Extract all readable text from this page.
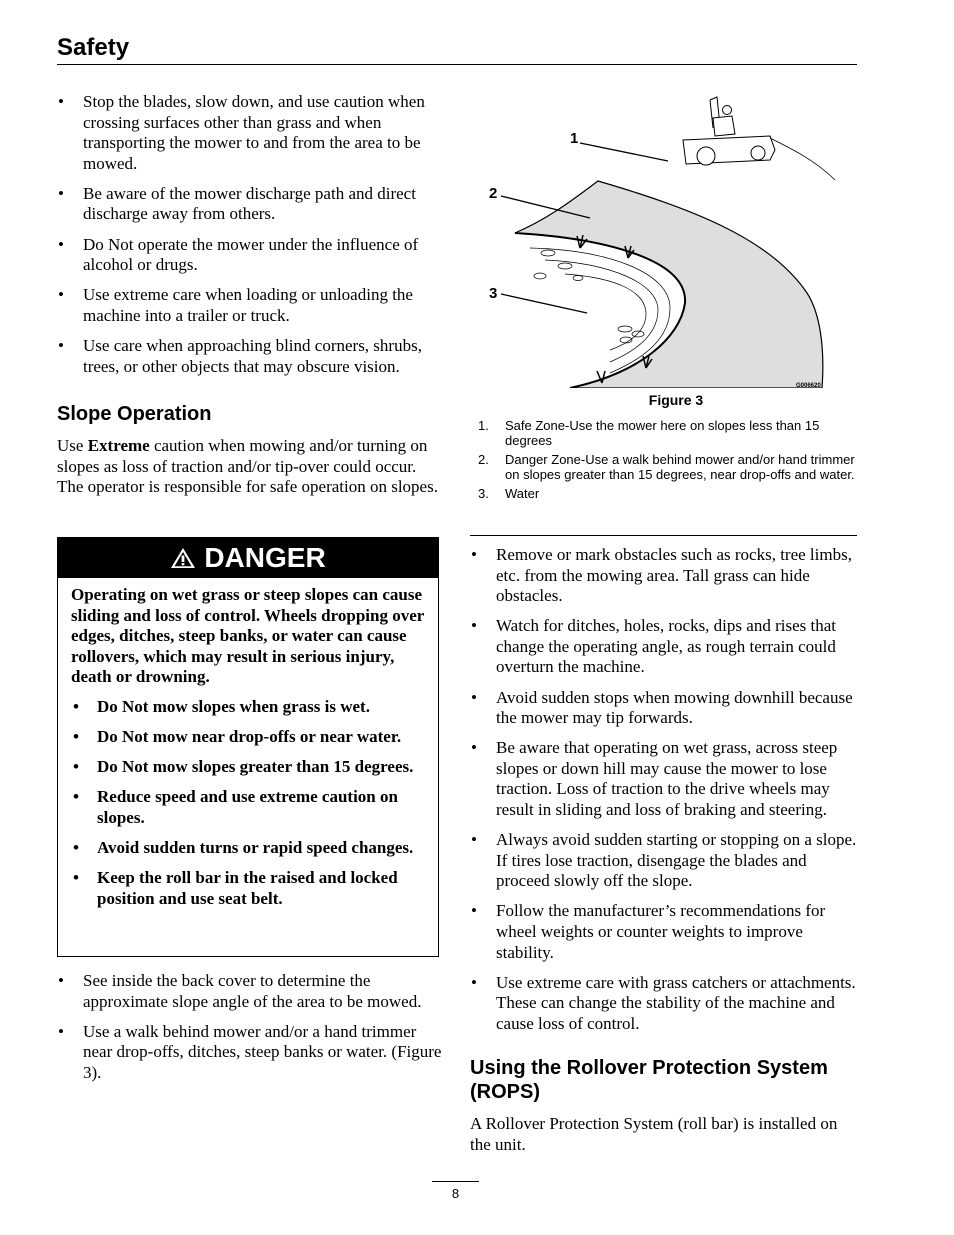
Safety
• Stop the blades, slow down, and use caution when crossing surfaces other than grass and when transporting the mower to and from the area to be mowed.
• Be aware of the mower discharge path and direct discharge away from others.
• Do Not operate the mower under the influence of alcohol or drugs.
• Use extreme care when loading or unloading the machine into a trailer or truck.
• Use care when approaching blind corners, shrubs, trees, or other objects that may obscure vision.
Slope Operation

Use Extreme caution when mowing and/or turning on slopes as loss of traction and/or tip-over could occur. The operator is responsible for safe operation on slopes.

DANGER

Operating on wet grass or steep slopes can cause sliding and loss of control. Wheels dropping over edges, ditches, steep banks, or water can cause rollovers, which may result in serious injury, death or drowning.

• Do Not mow slopes when grass is wet.
• Do Not mow near drop-offs or near water.
• Do Not mow slopes greater than 15 degrees.
• Reduce speed and use extreme caution on slopes.
• Avoid sudden turns or rapid speed changes.
• Keep the roll bar in the raised and locked position and use seat belt.
• See inside the back cover to determine the approximate slope angle of the area to be mowed.
• Use a walk behind mower and/or a hand trimmer near drop-offs, ditches, steep banks or water. (Figure 3).
1
2
3
G006620
Figure 3
1. Safe Zone-Use the mower here on slopes less than 15 degrees
2. Danger Zone-Use a walk behind mower and/or hand trimmer on slopes greater than 15 degrees, near drop-offs and water.
3. Water
• Remove or mark obstacles such as rocks, tree limbs, etc. from the mowing area. Tall grass can hide obstacles.
• Watch for ditches, holes, rocks, dips and rises that change the operating angle, as rough terrain could overturn the machine.
• Avoid sudden stops when mowing downhill because the mower may tip forwards.
• Be aware that operating on wet grass, across steep slopes or down hill may cause the mower to lose traction. Loss of traction to the drive wheels may result in sliding and loss of braking and steering.
• Always avoid sudden starting or stopping on a slope. If tires lose traction, disengage the blades and proceed slowly off the slope.
• Follow the manufacturer’s recommendations for wheel weights or counter weights to improve stability.
• Use extreme care with grass catchers or attachments. These can change the stability of the machine and cause loss of control.
Using the Rollover Protection System (ROPS)

A Rollover Protection System (roll bar) is installed on the unit.

8
